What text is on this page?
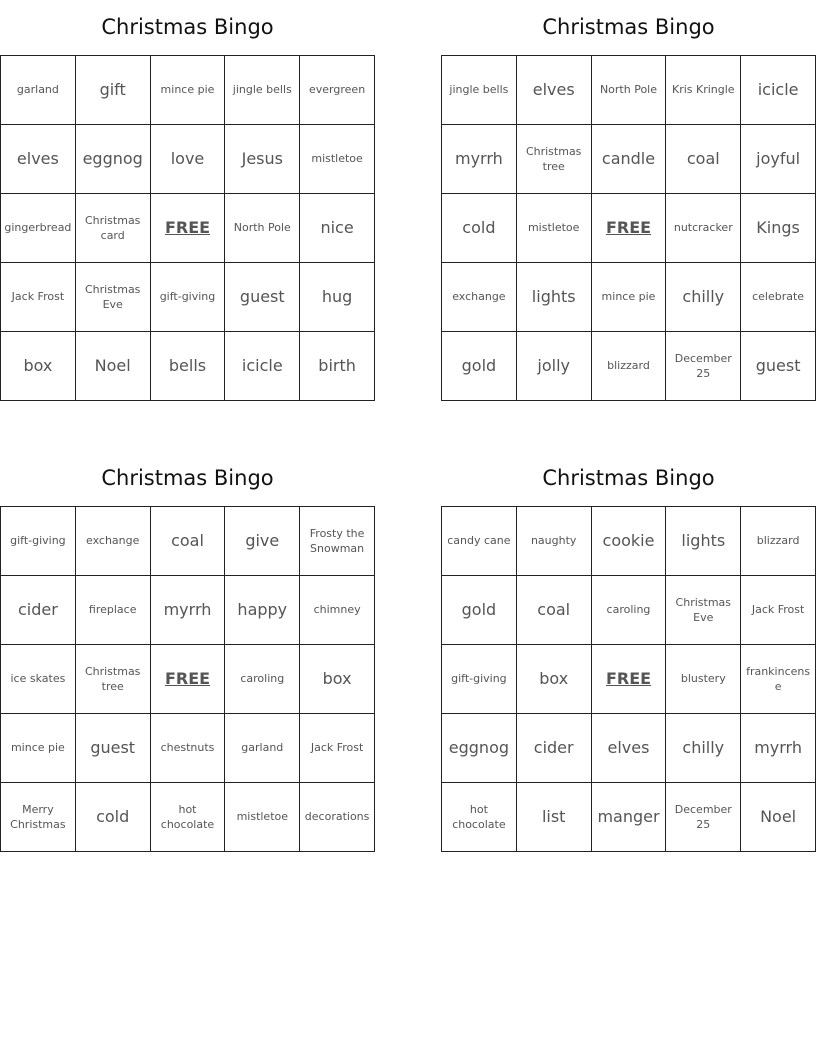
Christmas Bingo
garland	gift	mince pie	jingle bells	evergreen
elves	eggnog	love	Jesus	mistletoe
gingerbread	Christmas card	FREE	North Pole	nice
Jack Frost	Christmas Eve	gift-giving	guest	hug
box	Noel	bells	icicle	birth
Christmas Bingo
jingle bells	elves	North Pole	Kris Kringle	icicle
myrrh	Christmas tree	candle	coal	joyful
cold	mistletoe	FREE	nutcracker	Kings
exchange	lights	mince pie	chilly	celebrate
gold	jolly	blizzard	December 25	guest
Christmas Bingo
gift-giving	exchange	coal	give	Frosty the Snowman
cider	fireplace	myrrh	happy	chimney
ice skates	Christmas tree	FREE	caroling	box
mince pie	guest	chestnuts	garland	Jack Frost
Merry Christmas	cold	hot chocolate	mistletoe	decorations
Christmas Bingo
candy cane	naughty	cookie	lights	blizzard
gold	coal	caroling	Christmas Eve	Jack Frost
gift-giving	box	FREE	blustery	frankincense
eggnog	cider	elves	chilly	myrrh
hot chocolate	list	manger	December 25	Noel
